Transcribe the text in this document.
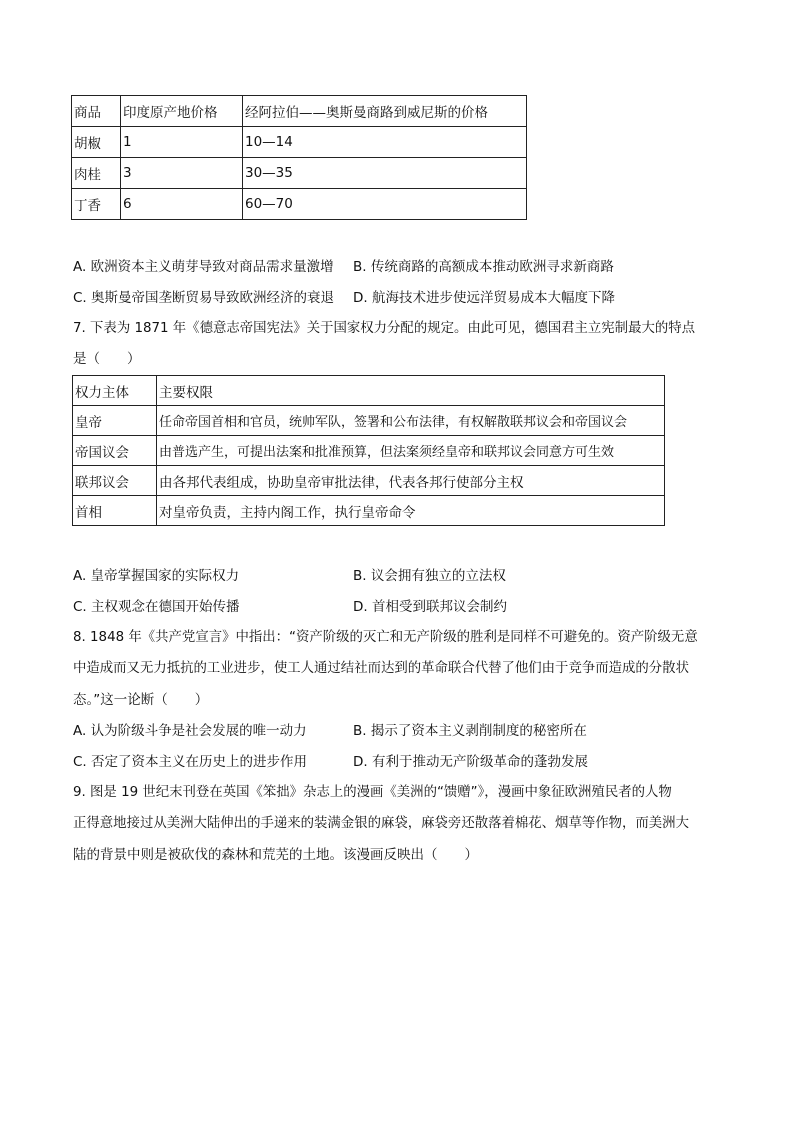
商品	印度原产地价格	经阿拉伯——奥斯曼商路到威尼斯的价格
胡椒	1	10—14
肉桂	3	30—35
丁香	6	60—70
A. 欧洲资本主义萌芽导致对商品需求量激增 B. 传统商路的高额成本推动欧洲寻求新商路
C. 奥斯曼帝国垄断贸易导致欧洲经济的衰退 D. 航海技术进步使远洋贸易成本大幅度下降
7. 下表为 1871 年《德意志帝国宪法》关于国家权力分配的规定。由此可见，德国君主立宪制最大的特点
是（　　）
权力主体	主要权限
皇帝	任命帝国首相和官员，统帅军队，签署和公布法律，有权解散联邦议会和帝国议会
帝国议会	由普选产生，可提出法案和批准预算，但法案须经皇帝和联邦议会同意方可生效
联邦议会	由各邦代表组成，协助皇帝审批法律，代表各邦行使部分主权
首相	对皇帝负责，主持内阁工作，执行皇帝命令
A. 皇帝掌握国家的实际权力	B. 议会拥有独立的立法权
C. 主权观念在德国开始传播	D. 首相受到联邦议会制约
8. 1848 年《共产党宣言》中指出：“资产阶级的灭亡和无产阶级的胜利是同样不可避免的。资产阶级无意
中造成而又无力抵抗的工业进步，使工人通过结社而达到的革命联合代替了他们由于竞争而造成的分散状
态。”这一论断（　　）
A. 认为阶级斗争是社会发展的唯一动力	B. 揭示了资本主义剥削制度的秘密所在
C. 否定了资本主义在历史上的进步作用	D. 有利于推动无产阶级革命的蓬勃发展
9. 图是 19 世纪末刊登在英国《笨拙》杂志上的漫画《美洲的“馈赠”》，漫画中象征欧洲殖民者的人物
正得意地接过从美洲大陆伸出的手递来的装满金银的麻袋，麻袋旁还散落着棉花、烟草等作物，而美洲大
陆的背景中则是被砍伐的森林和荒芜的土地。该漫画反映出（　　）
